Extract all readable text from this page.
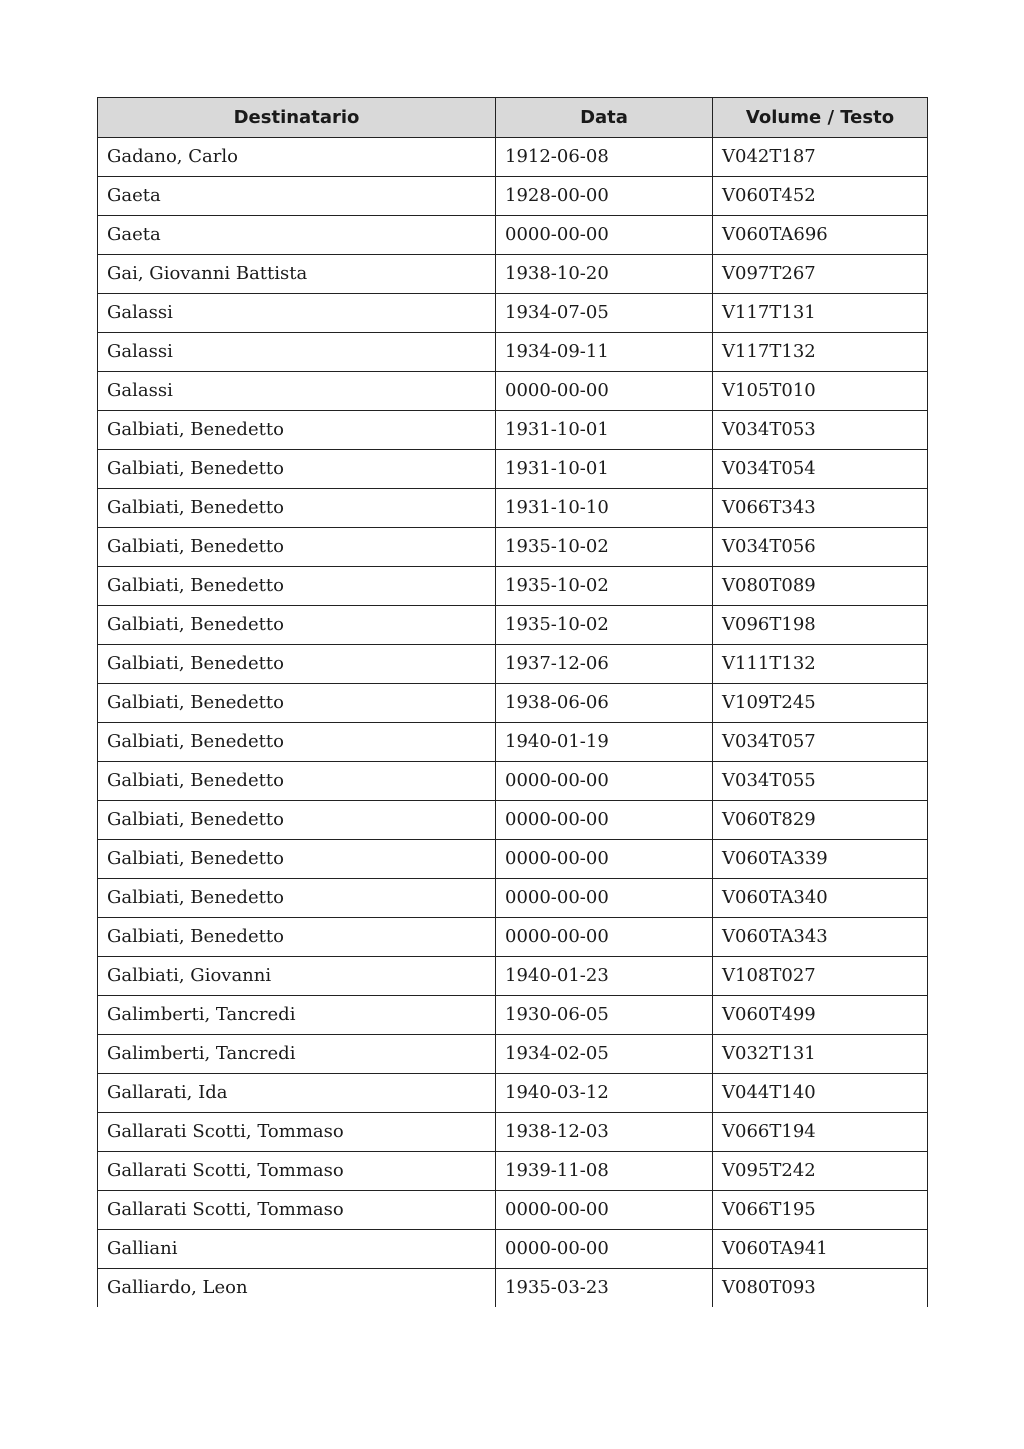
Destinatario	Data	Volume / Testo
Gadano, Carlo	1912-06-08	V042T187
Gaeta	1928-00-00	V060T452
Gaeta	0000-00-00	V060TA696
Gai, Giovanni Battista	1938-10-20	V097T267
Galassi	1934-07-05	V117T131
Galassi	1934-09-11	V117T132
Galassi	0000-00-00	V105T010
Galbiati, Benedetto	1931-10-01	V034T053
Galbiati, Benedetto	1931-10-01	V034T054
Galbiati, Benedetto	1931-10-10	V066T343
Galbiati, Benedetto	1935-10-02	V034T056
Galbiati, Benedetto	1935-10-02	V080T089
Galbiati, Benedetto	1935-10-02	V096T198
Galbiati, Benedetto	1937-12-06	V111T132
Galbiati, Benedetto	1938-06-06	V109T245
Galbiati, Benedetto	1940-01-19	V034T057
Galbiati, Benedetto	0000-00-00	V034T055
Galbiati, Benedetto	0000-00-00	V060T829
Galbiati, Benedetto	0000-00-00	V060TA339
Galbiati, Benedetto	0000-00-00	V060TA340
Galbiati, Benedetto	0000-00-00	V060TA343
Galbiati, Giovanni	1940-01-23	V108T027
Galimberti, Tancredi	1930-06-05	V060T499
Galimberti, Tancredi	1934-02-05	V032T131
Gallarati, Ida	1940-03-12	V044T140
Gallarati Scotti, Tommaso	1938-12-03	V066T194
Gallarati Scotti, Tommaso	1939-11-08	V095T242
Gallarati Scotti, Tommaso	0000-00-00	V066T195
Galliani	0000-00-00	V060TA941
Galliardo, Leon	1935-03-23	V080T093
